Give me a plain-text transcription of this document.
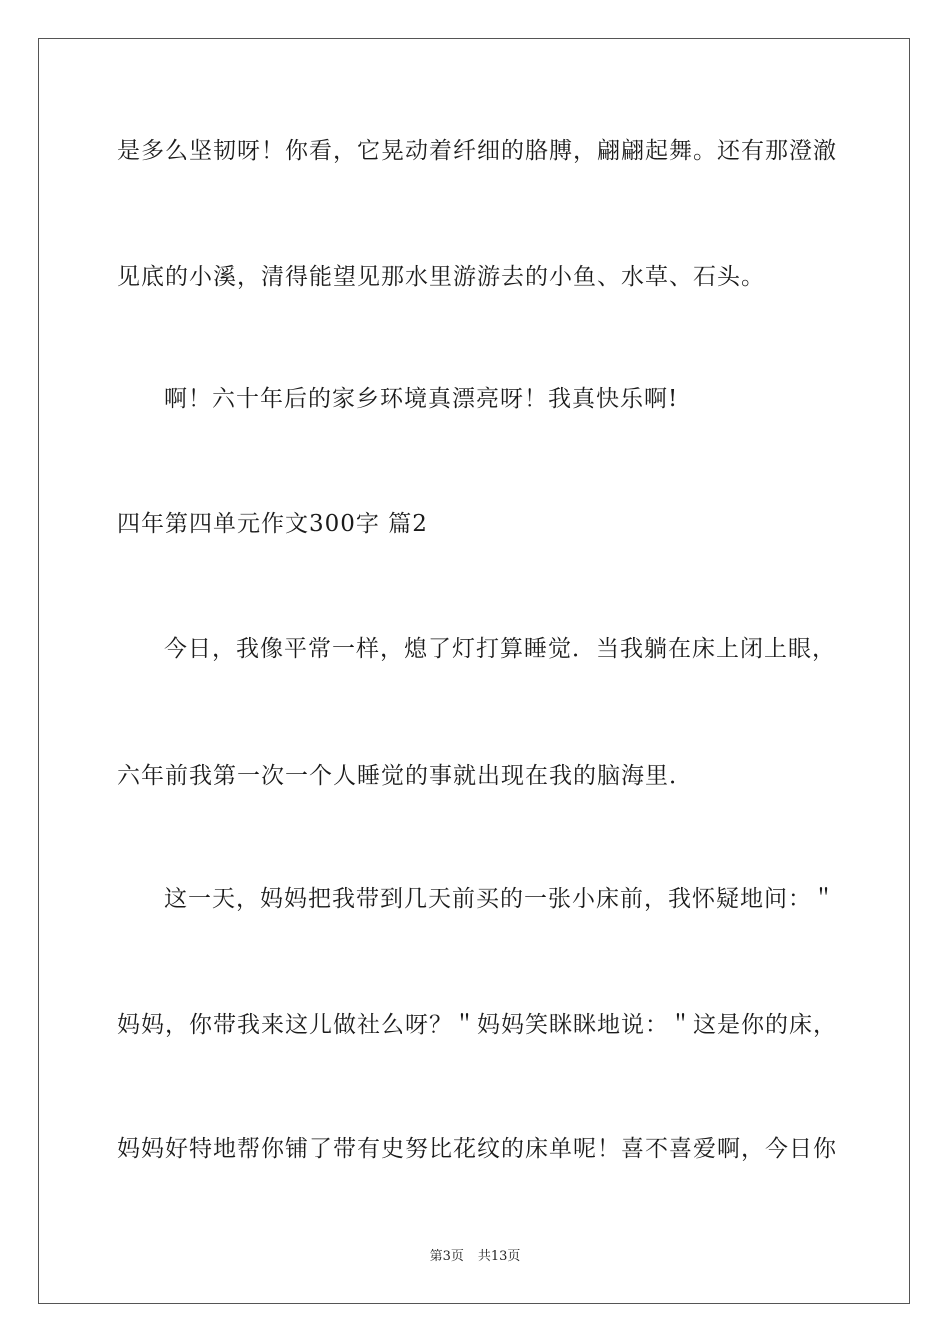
是多么坚韧呀！你看，它晃动着纤细的胳膊，翩翩起舞。还有那澄澈
见底的小溪，清得能望见那水里游游去的小鱼、水草、石头。
啊！六十年后的家乡环境真漂亮呀！我真快乐啊!
四年第四单元作文300字 篇2
今日，我像平常一样，熄了灯打算睡觉．当我躺在床上闭上眼，
六年前我第一次一个人睡觉的事就出现在我的脑海里．
这一天，妈妈把我带到几天前买的一张小床前，我怀疑地问：＂
妈妈，你带我来这儿做社么呀？＂妈妈笑眯眯地说：＂这是你的床，
妈妈好特地帮你铺了带有史努比花纹的床单呢！喜不喜爱啊，今日你
第3页 共13页
